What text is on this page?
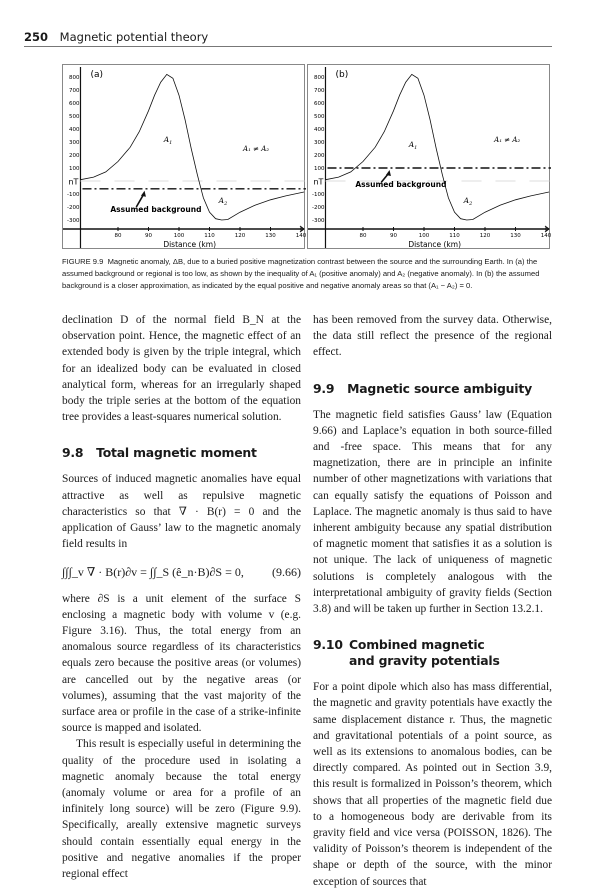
250 Magnetic potential theory
800
700
600
500
400
300
200
100
-100
-200
-300
nT
80	90	100	110	120	130	140
Distance (km)
(a)
Assumed background
$A_1$
$A_2$
A₁ ≠ A₂
800
700
600
500
400
300
200
100
-100
-200
-300
nT
80	90	100	110	120	130	140
Distance (km)
(b)
Assumed background
$A_1$
$A_2$
A₁ ≠ A₂
FIGURE 9.9 Magnetic anomaly, ΔB, due to a buried positive magnetization contrast between the source and the surrounding Earth. In (a) the assumed background or regional is too low, as shown by the inequality of A₁ (positive anomaly) and A₂ (negative anomaly). In (b) the assumed background is a closer approximation, as indicated by the equal positive and negative anomaly areas so that (A₁ − A₂) = 0.

declination D of the normal field B_N at the observation point. Hence, the magnetic effect of an extended body is given by the triple integral, which for an idealized body can be evaluated in closed analytical form, whereas for an irregularly shaped body the triple series at the bottom of the equation tree provides a least-squares numerical solution.

9.8 Total magnetic moment

Sources of induced magnetic anomalies have equal attractive as well as repulsive magnetic characteristics so that ∇ · B(r) = 0 and the application of Gauss’ law to the magnetic anomaly field results in

∫∫∫_v ∇ · B(r)∂v = ∫∫_S (ê_n·B)∂S = 0, (9.66)

where ∂S is a unit element of the surface S enclosing a magnetic body with volume v (e.g. Figure 3.16). Thus, the total energy from an anomalous source regardless of its characteristics equals zero because the positive areas (or volumes) are cancelled out by the negative areas (or volumes), assuming that the vast majority of the surface area or profile in the case of a strike-infinite source is mapped and isolated.

This result is especially useful in determining the quality of the procedure used in isolating a magnetic anomaly because the total energy (anomaly volume or area for a profile of an infinitely long source) will be zero (Figure 9.9). Specifically, areally extensive magnetic surveys should contain essentially equal energy in the positive and negative anomalies if the proper regional effect

has been removed from the survey data. Otherwise, the data still reflect the presence of the regional effect.

9.9 Magnetic source ambiguity

The magnetic field satisfies Gauss’ law (Equation 9.66) and Laplace’s equation in both source-filled and -free space. This means that for any magnetization, there are in principle an infinite number of other magnetizations with variations that can equally satisfy the equations of Poisson and Laplace. The magnetic anomaly is thus said to have inherent ambiguity because any spatial distribution of magnetic moment that satisfies it as a solution is not unique. The lack of uniqueness of magnetic solutions is completely analogous with the interpretational ambiguity of gravity fields (Section 3.8) and will be taken up further in Section 13.2.1.

9.10 Combined magnetic
and gravity potentials

For a point dipole which also has mass differential, the magnetic and gravity potentials have exactly the same displacement distance r. Thus, the magnetic and gravitational potentials of a point source, as well as its extensions to anomalous bodies, can be directly compared. As pointed out in Section 3.9, this result is formalized in Poisson’s theorem, which shows that all properties of the magnetic field due to a homogeneous body are derivable from its gravity field and vice versa (POISSON, 1826). The validity of Poisson’s theorem is independent of the shape or depth of the source, with the minor exception of sources that
